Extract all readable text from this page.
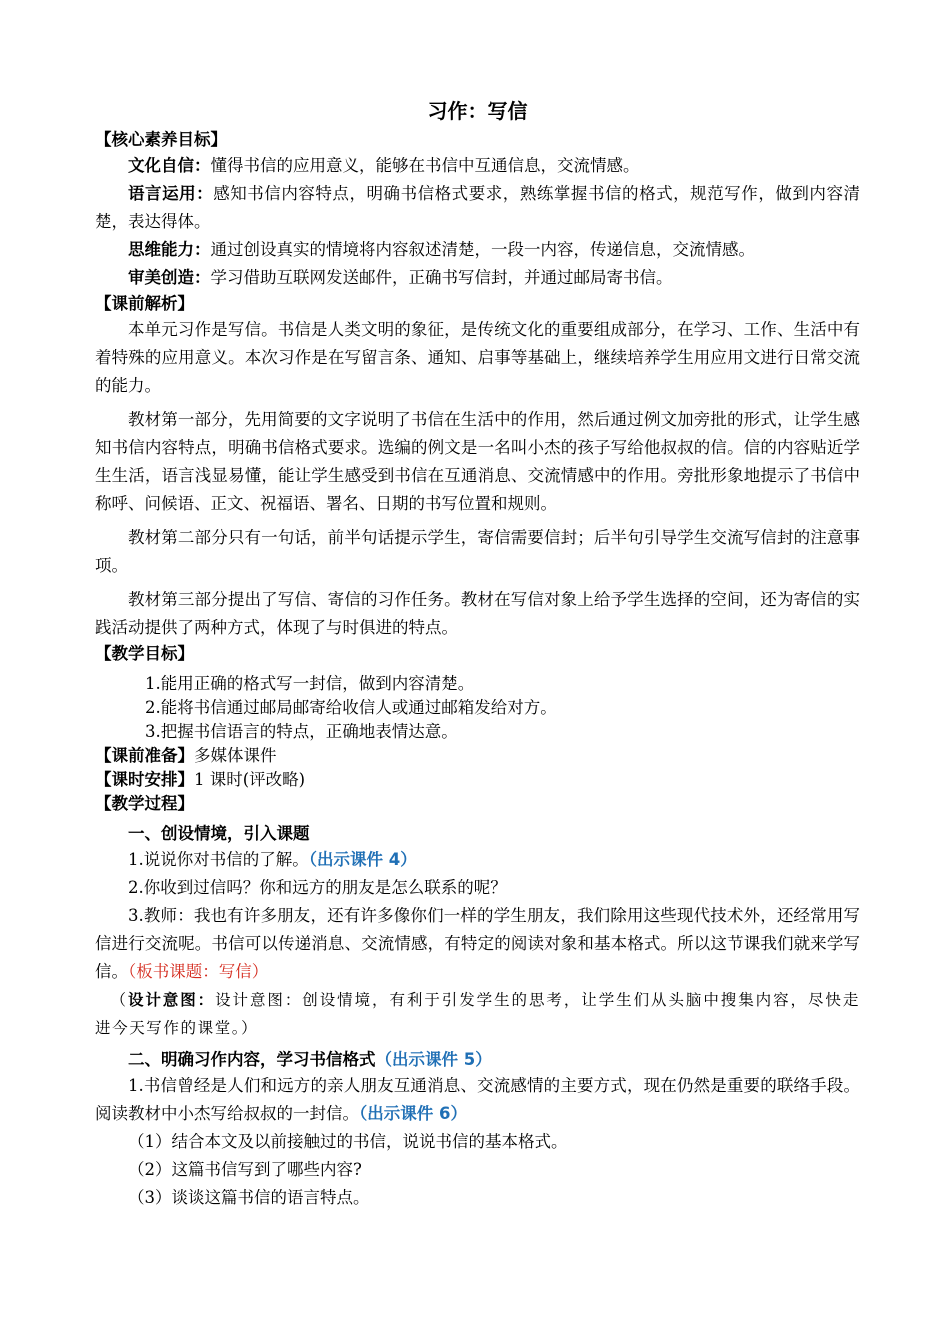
习作：写信

【核心素养目标】

文化自信：懂得书信的应用意义，能够在书信中互通信息，交流情感。

语言运用：感知书信内容特点，明确书信格式要求，熟练掌握书信的格式，规范写作，做到内容清楚，表达得体。

思维能力：通过创设真实的情境将内容叙述清楚，一段一内容，传递信息，交流情感。

审美创造：学习借助互联网发送邮件，正确书写信封，并通过邮局寄书信。

【课前解析】

本单元习作是写信。书信是人类文明的象征，是传统文化的重要组成部分，在学习、工作、生活中有着特殊的应用意义。本次习作是在写留言条、通知、启事等基础上，继续培养学生用应用文进行日常交流的能力。

教材第一部分，先用简要的文字说明了书信在生活中的作用，然后通过例文加旁批的形式，让学生感知书信内容特点，明确书信格式要求。选编的例文是一名叫小杰的孩子写给他叔叔的信。信的内容贴近学生生活，语言浅显易懂，能让学生感受到书信在互通消息、交流情感中的作用。旁批形象地提示了书信中称呼、问候语、正文、祝福语、署名、日期的书写位置和规则。

教材第二部分只有一句话，前半句话提示学生，寄信需要信封；后半句引导学生交流写信封的注意事项。

教材第三部分提出了写信、寄信的习作任务。教材在写信对象上给予学生选择的空间，还为寄信的实践活动提供了两种方式，体现了与时俱进的特点。

【教学目标】

1.能用正确的格式写一封信，做到内容清楚。

2.能将书信通过邮局邮寄给收信人或通过邮箱发给对方。

3.把握书信语言的特点，正确地表情达意。

【课前准备】多媒体课件

【课时安排】1 课时(评改略)

【教学过程】

一、创设情境，引入课题

1.说说你对书信的了解。（出示课件 4）

2.你收到过信吗？你和远方的朋友是怎么联系的呢？

3.教师：我也有许多朋友，还有许多像你们一样的学生朋友，我们除用这些现代技术外，还经常用写信进行交流呢。书信可以传递消息、交流情感，有特定的阅读对象和基本格式。所以这节课我们就来学写信。（板书课题：写信）

（设计意图：设计意图：创设情境，有利于引发学生的思考，让学生们从头脑中搜集内容，尽快走进今天写作的课堂。）

二、明确习作内容，学习书信格式（出示课件 5）

1.书信曾经是人们和远方的亲人朋友互通消息、交流感情的主要方式，现在仍然是重要的联络手段。阅读教材中小杰写给叔叔的一封信。（出示课件 6）

（1）结合本文及以前接触过的书信，说说书信的基本格式。

（2）这篇书信写到了哪些内容?

（3）谈谈这篇书信的语言特点。
